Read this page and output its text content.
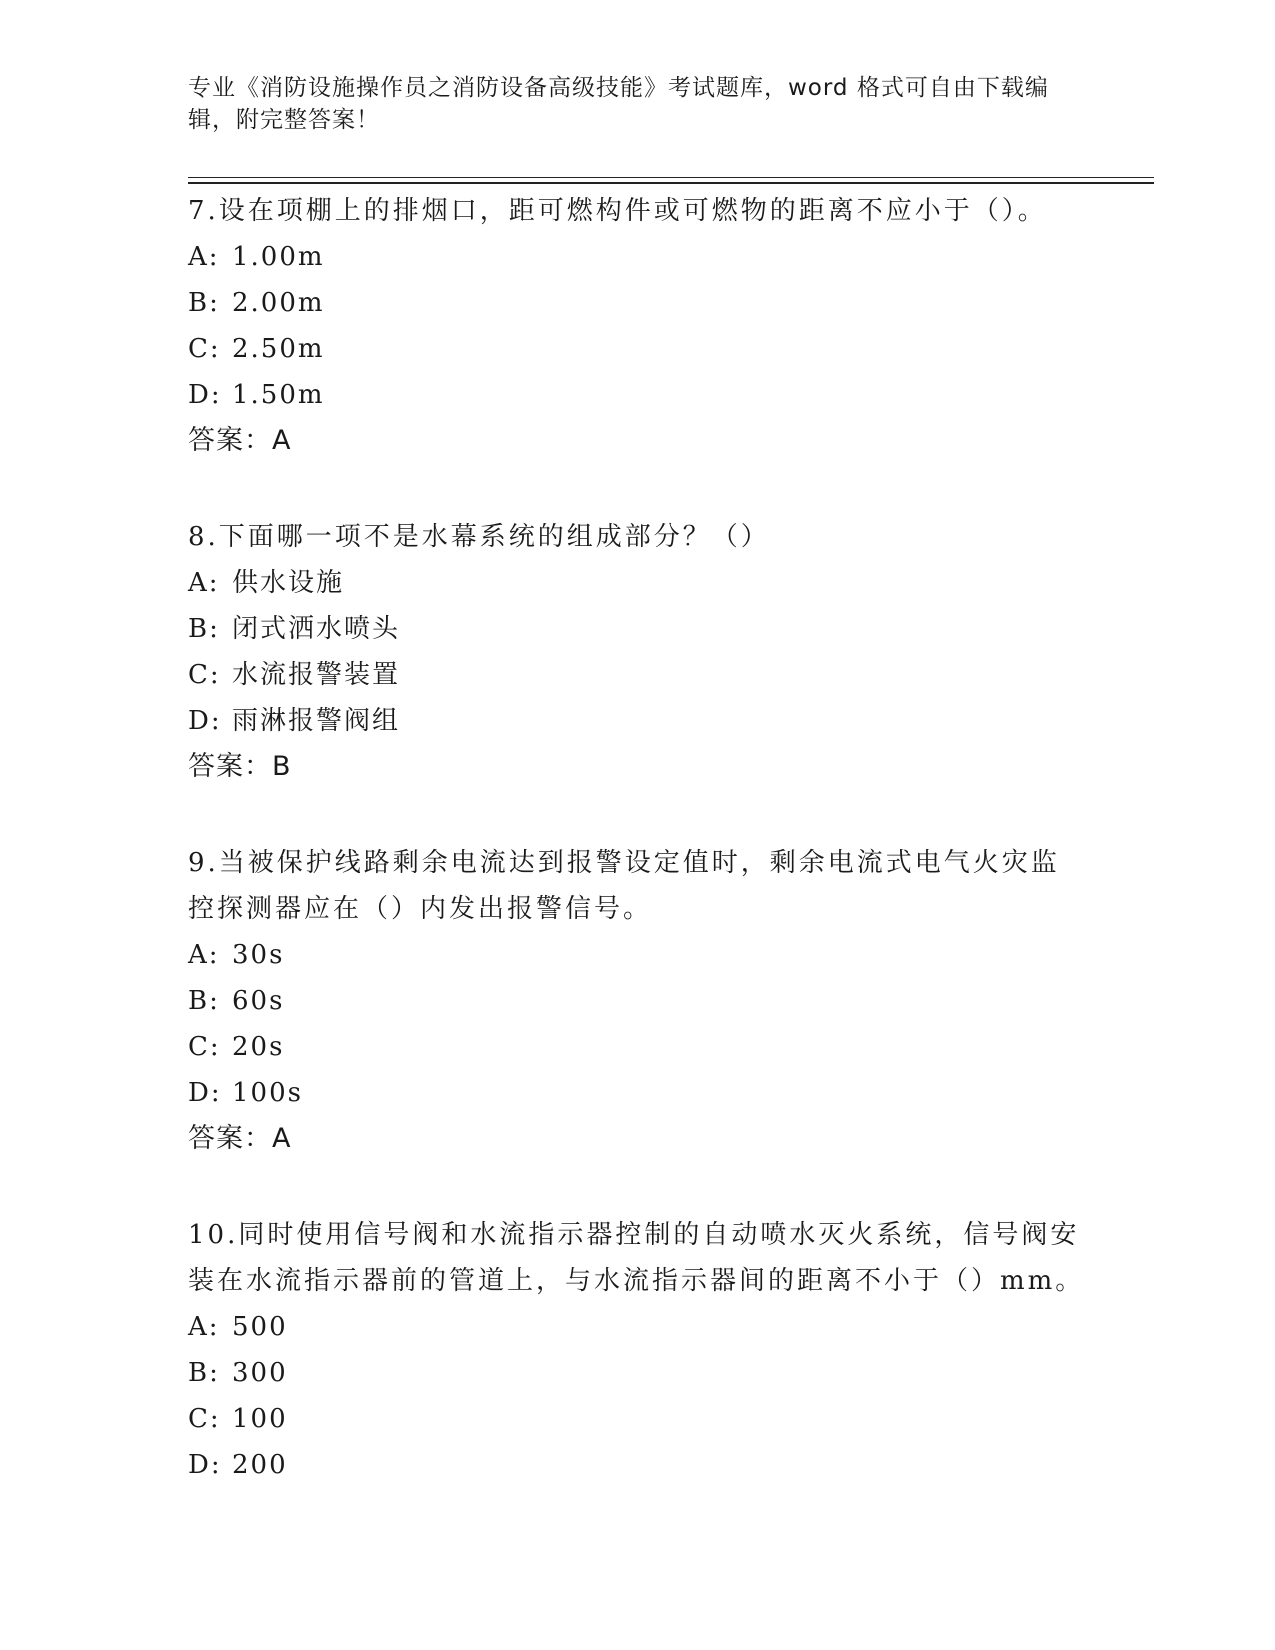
专业《消防设施操作员之消防设备高级技能》考试题库，word 格式可自由下载编
辑，附完整答案！
7.设在项棚上的排烟口，距可燃构件或可燃物的距离不应小于（）。
A: 1.00m
B: 2.00m
C: 2.50m
D: 1.50m
答案：A
8.下面哪一项不是水幕系统的组成部分？（）
A: 供水设施
B: 闭式洒水喷头
C: 水流报警装置
D: 雨淋报警阀组
答案：B
9.当被保护线路剩余电流达到报警设定值时，剩余电流式电气火灾监
控探测器应在（）内发出报警信号。
A: 30s
B: 60s
C: 20s
D: 100s
答案：A
10.同时使用信号阀和水流指示器控制的自动喷水灭火系统，信号阀安
装在水流指示器前的管道上，与水流指示器间的距离不小于（）mm。
A: 500
B: 300
C: 100
D: 200
